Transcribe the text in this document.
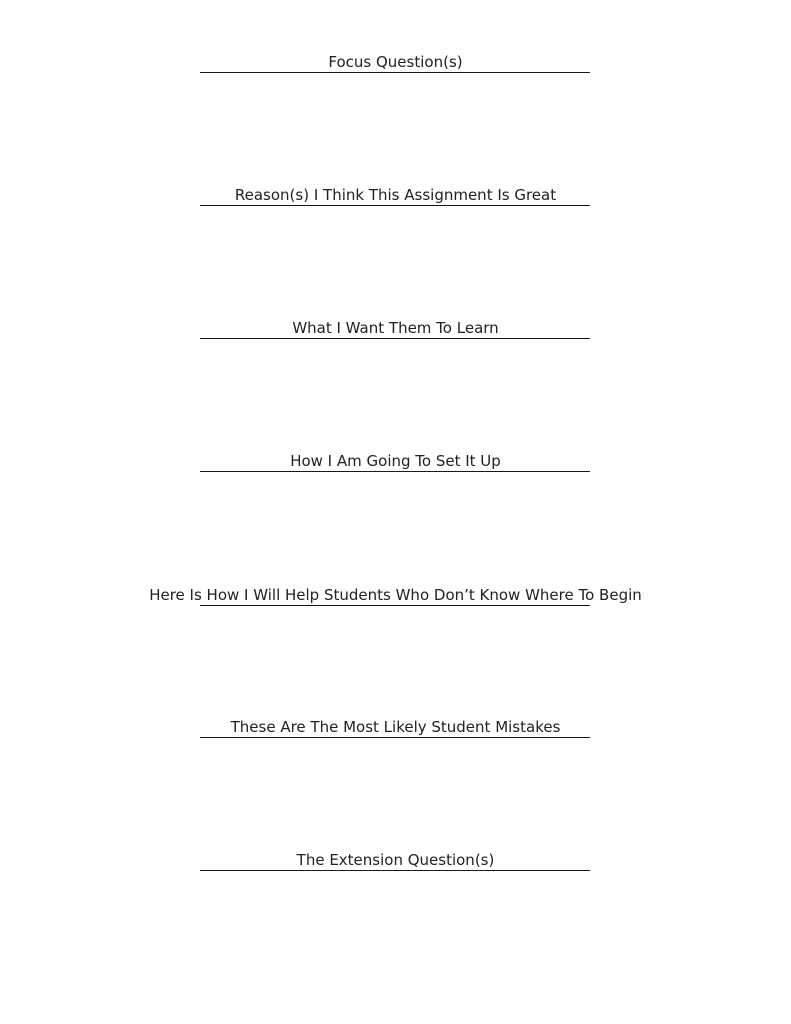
Focus Question(s)
Reason(s) I Think This Assignment Is Great
What I Want Them To Learn
How I Am Going To Set It Up
Here Is How I Will Help Students Who Don’t Know Where To Begin
These Are The Most Likely Student Mistakes
The Extension Question(s)
